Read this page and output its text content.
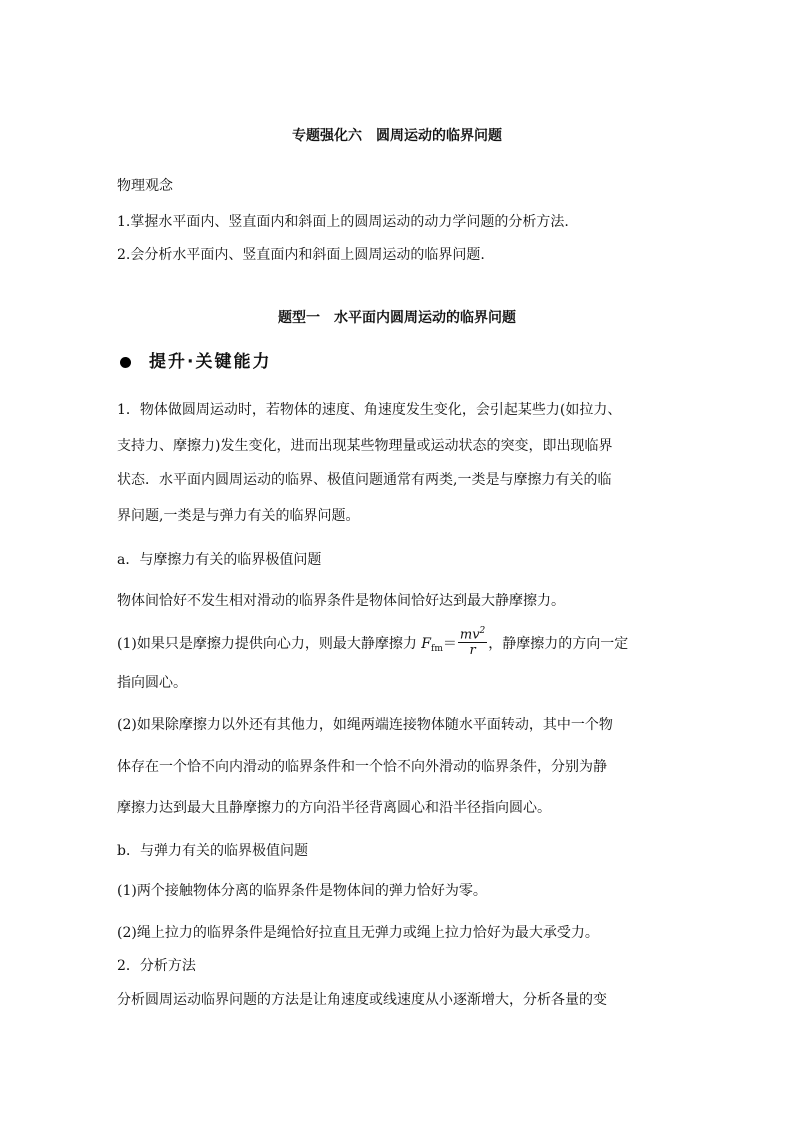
专题强化六　圆周运动的临界问题
物理观念
1.掌握水平面内、竖直面内和斜面上的圆周运动的动力学问题的分析方法.
2.会分析水平面内、竖直面内和斜面上圆周运动的临界问题.
题型一　水平面内圆周运动的临界问题
提升·关键能力
1．物体做圆周运动时，若物体的速度、角速度发生变化，会引起某些力(如拉力、
支持力、摩擦力)发生变化，进而出现某些物理量或运动状态的突变，即出现临界
状态．水平面内圆周运动的临界、极值问题通常有两类,一类是与摩擦力有关的临
界问题,一类是与弹力有关的临界问题。
a．与摩擦力有关的临界极值问题
物体间恰好不发生相对滑动的临界条件是物体间恰好达到最大静摩擦力。
(1)如果只是摩擦力提供向心力，则最大静摩擦力 $F_{fm}= \frac{mv^2}{r}$ ，静摩擦力的方向一定
指向圆心。
(2)如果除摩擦力以外还有其他力，如绳两端连接物体随水平面转动，其中一个物
体存在一个恰不向内滑动的临界条件和一个恰不向外滑动的临界条件，分别为静
摩擦力达到最大且静摩擦力的方向沿半径背离圆心和沿半径指向圆心。
b．与弹力有关的临界极值问题
(1)两个接触物体分离的临界条件是物体间的弹力恰好为零。
(2)绳上拉力的临界条件是绳恰好拉直且无弹力或绳上拉力恰好为最大承受力。
2．分析方法
分析圆周运动临界问题的方法是让角速度或线速度从小逐渐增大，分析各量的变
